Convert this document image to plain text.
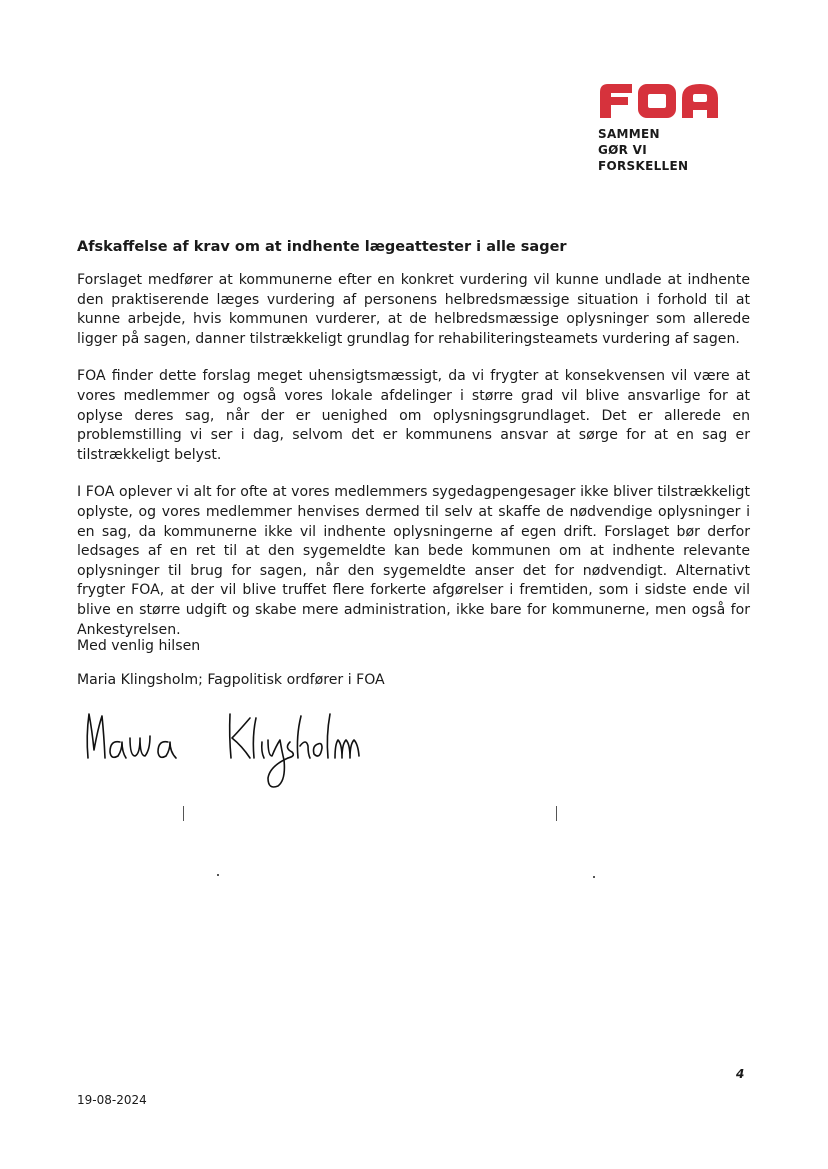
SAMMEN
GØR VI FORSKELLEN
Afskaffelse af krav om at indhente lægeattester i alle sager

Forslaget medfører at kommunerne efter en konkret vurdering vil kunne undlade at indhente den praktiserende læges vurdering af personens helbredsmæssige situation i forhold til at kunne arbejde, hvis kommunen vurderer, at de helbredsmæssige oplysninger som allerede ligger på sagen, danner tilstrækkeligt grundlag for rehabiliteringsteamets vurdering af sagen.

FOA finder dette forslag meget uhensigtsmæssigt, da vi frygter at konsekvensen vil være at vores medlemmer og også vores lokale afdelinger i større grad vil blive ansvarlige for at oplyse deres sag, når der er uenighed om oplysningsgrundlaget. Det er allerede en problemstilling vi ser i dag, selvom det er kommunens ansvar at sørge for at en sag er tilstrækkeligt belyst.

I FOA oplever vi alt for ofte at vores medlemmers sygedagpengesager ikke bliver tilstrækkeligt oplyste, og vores medlemmer henvises dermed til selv at skaffe de nødvendige oplysninger i en sag, da kommunerne ikke vil indhente oplysningerne af egen drift. Forslaget bør derfor ledsages af en ret til at den sygemeldte kan bede kommunen om at indhente relevante oplysninger til brug for sagen, når den sygemeldte anser det for nødvendigt. Alternativt frygter FOA, at der vil blive truffet flere forkerte afgørelser i fremtiden, som i sidste ende vil blive en større udgift og skabe mere administration, ikke bare for kommunerne, men også for Ankestyrelsen.

Med venlig hilsen

Maria Klingsholm; Fagpolitisk ordfører i FOA

4
19-08-2024
